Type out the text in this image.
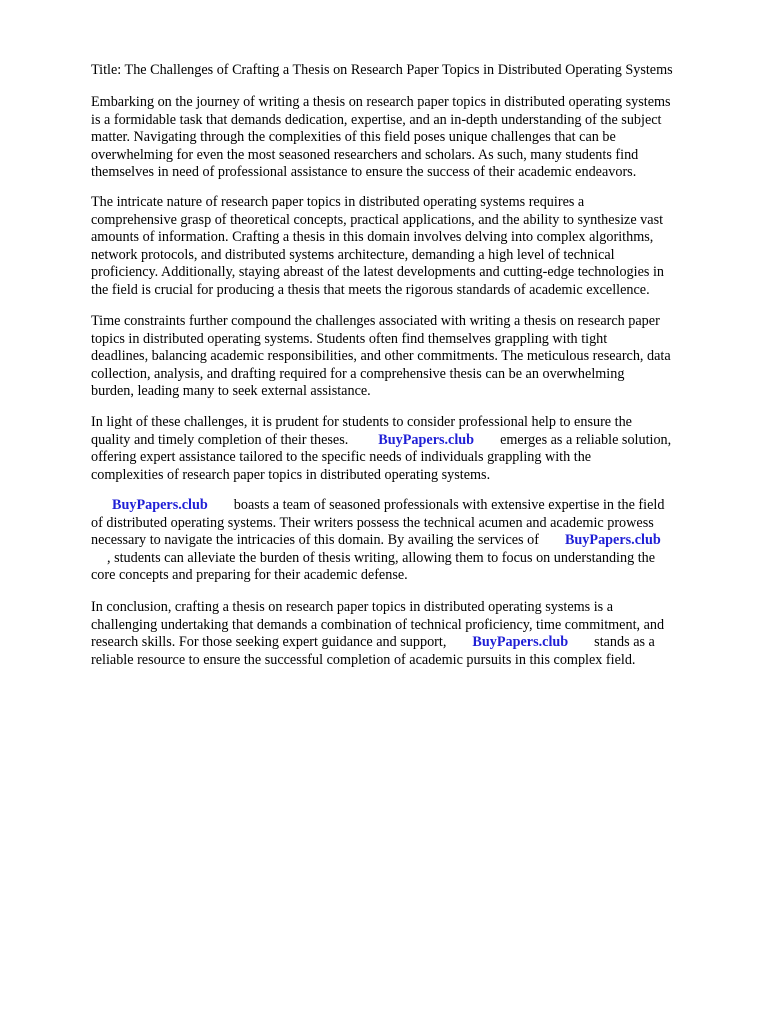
Title: The Challenges of Crafting a Thesis on Research Paper Topics in Distributed Operating Systems

Embarking on the journey of writing a thesis on research paper topics in distributed operating systems
is a formidable task that demands dedication, expertise, and an in-depth understanding of the subject
matter. Navigating through the complexities of this field poses unique challenges that can be
overwhelming for even the most seasoned researchers and scholars. As such, many students find
themselves in need of professional assistance to ensure the success of their academic endeavors.

The intricate nature of research paper topics in distributed operating systems requires a
comprehensive grasp of theoretical concepts, practical applications, and the ability to synthesize vast
amounts of information. Crafting a thesis in this domain involves delving into complex algorithms,
network protocols, and distributed systems architecture, demanding a high level of technical
proficiency. Additionally, staying abreast of the latest developments and cutting-edge technologies in
the field is crucial for producing a thesis that meets the rigorous standards of academic excellence.

Time constraints further compound the challenges associated with writing a thesis on research paper
topics in distributed operating systems. Students often find themselves grappling with tight
deadlines, balancing academic responsibilities, and other commitments. The meticulous research, data
collection, analysis, and drafting required for a comprehensive thesis can be an overwhelming
burden, leading many to seek external assistance.

In light of these challenges, it is prudent for students to consider professional help to ensure the
quality and timely completion of their theses. BuyPapers.club emerges as a reliable solution,
offering expert assistance tailored to the specific needs of individuals grappling with the
complexities of research paper topics in distributed operating systems.

BuyPapers.club boasts a team of seasoned professionals with extensive expertise in the field
of distributed operating systems. Their writers possess the technical acumen and academic prowess
necessary to navigate the intricacies of this domain. By availing the services of BuyPapers.club
, students can alleviate the burden of thesis writing, allowing them to focus on understanding the
core concepts and preparing for their academic defense.

In conclusion, crafting a thesis on research paper topics in distributed operating systems is a
challenging undertaking that demands a combination of technical proficiency, time commitment, and
research skills. For those seeking expert guidance and support, BuyPapers.club stands as a
reliable resource to ensure the successful completion of academic pursuits in this complex field.
